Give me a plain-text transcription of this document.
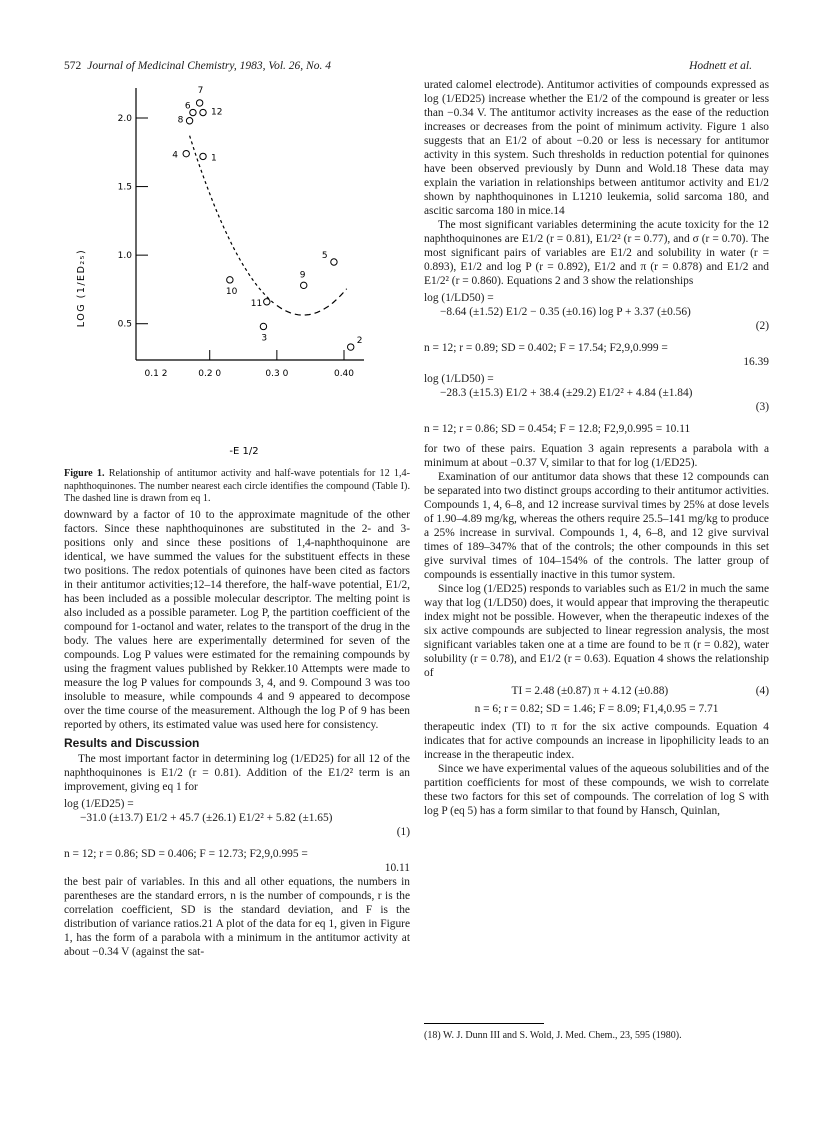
572 Journal of Medicinal Chemistry, 1983, Vol. 26, No. 4	Hodnett et al.
2.0
1.5
1.0
0.5
0.1 2	0.2 0	0.3 0	0.40
1
2
3
4
5
6
7
8
9
10
11
12
LOG (1/ED₂₅)
-E 1/2
Figure 1. Relationship of antitumor activity and half-wave potentials for 12 1,4-naphthoquinones. The number nearest each circle identifies the compound (Table I). The dashed line is drawn from eq 1.

downward by a factor of 10 to the approximate magnitude of the other factors. Since these naphthoquinones are substituted in the 2- and 3-positions only and since these positions of 1,4-naphthoquinone are identical, we have summed the values for the substituent effects in these two positions. The redox potentials of quinones have been cited as factors in their antitumor activities;12–14 therefore, the half-wave potential, E1/2, has been included as a possible molecular descriptor. The melting point is also included as a possible parameter. Log P, the partition coefficient of the compound for 1-octanol and water, relates to the transport of the drug in the body. The values here are experimentally determined for seven of the compounds. Log P values were estimated for the remaining compounds by using the fragment values published by Rekker.10 Attempts were made to measure the log P values for compounds 3, 4, and 9. Compound 3 was too insoluble to measure, while compounds 4 and 9 appeared to decompose over the time course of the measurement. Although the log P of 9 has been reported by others, its estimated value was used here for consistency.

Results and Discussion

The most important factor in determining log (1/ED25) for all 12 of the naphthoquinones is E1/2 (r = 0.81). Addition of the E1/2² term is an improvement, giving eq 1 for

log (1/ED25) =

−31.0 (±13.7) E1/2 + 45.7 (±26.1) E1/2² + 5.82 (±1.65)

(1)

n = 12; r = 0.86; SD = 0.406; F = 12.73; F2,9,0.995 =

10.11

the best pair of variables. In this and all other equations, the numbers in parentheses are the standard errors, n is the number of compounds, r is the correlation coefficient, SD is the standard deviation, and F is the distribution of variance ratios.21 A plot of the data for eq 1, given in Figure 1, has the form of a parabola with a minimum in the antitumor activity at about −0.34 V (against the sat-

urated calomel electrode). Antitumor activities of compounds expressed as log (1/ED25) increase whether the E1/2 of the compound is greater or less than −0.34 V. The antitumor activity increases as the ease of the reduction increases or decreases from the point of minimum activity. Figure 1 also suggests that an E1/2 of about −0.20 or less is necessary for antitumor activity in this system. Such thresholds in reduction potential for quinones have been observed previously by Dunn and Wold.18 These data may explain the variation in relationships between antitumor activity and E1/2 shown by naphthoquinones in L1210 leukemia, solid sarcoma 180, and ascitic sarcoma 180 in mice.14

The most significant variables determining the acute toxicity for the 12 naphthoquinones are E1/2 (r = 0.81), E1/2² (r = 0.77), and σ (r = 0.70). The most significant pairs of variables are E1/2 and solubility in water (r = 0.893), E1/2 and log P (r = 0.892), E1/2 and π (r = 0.878) and E1/2 and E1/2² (r = 0.860). Equations 2 and 3 show the relationships

log (1/LD50) =

−8.64 (±1.52) E1/2 − 0.35 (±0.16) log P + 3.37 (±0.56)

(2)

n = 12; r = 0.89; SD = 0.402; F = 17.54; F2,9,0.999 =

16.39

log (1/LD50) =

−28.3 (±15.3) E1/2 + 38.4 (±29.2) E1/2² + 4.84 (±1.84)

(3)

n = 12; r = 0.86; SD = 0.454; F = 12.8; F2,9,0.995 = 10.11

for two of these pairs. Equation 3 again represents a parabola with a minimum at about −0.37 V, similar to that for log (1/ED25).

Examination of our antitumor data shows that these 12 compounds can be separated into two distinct groups according to their antitumor activities. Compounds 1, 4, 6–8, and 12 increase survival times by 25% at dose levels of 1.90–4.89 mg/kg, whereas the others require 25.5–141 mg/kg to produce a 25% increase in survival. Compounds 1, 4, 6–8, and 12 give survival times of 189–347% that of the controls; the other compounds in this set give survival times of 104–154% of the controls. The latter group of compounds is essentially inactive in this tumor system.

Since log (1/ED25) responds to variables such as E1/2 in much the same way that log (1/LD50) does, it would appear that improving the therapeutic index might not be possible. However, when the therapeutic indexes of the six active compounds are subjected to linear regression analysis, the most significant variables taken one at a time are found to be π (r = 0.82), water solubility (r = 0.78), and E1/2 (r = 0.63). Equation 4 shows the relationship of

TI = 2.48 (±0.87) π + 4.12 (±0.88)	(4)

n = 6; r = 0.82; SD = 1.46; F = 8.09; F1,4,0.95 = 7.71

therapeutic index (TI) to π for the six active compounds. Equation 4 indicates that for active compounds an increase in lipophilicity leads to an increase in the therapeutic index.

Since we have experimental values of the aqueous solubilities and of the partition coefficients for most of these compounds, we wish to correlate these two factors for this set of compounds. The correlation of log S with log P (eq 5) has a form similar to that found by Hansch, Quinlan,

(18) W. J. Dunn III and S. Wold, J. Med. Chem., 23, 595 (1980).
